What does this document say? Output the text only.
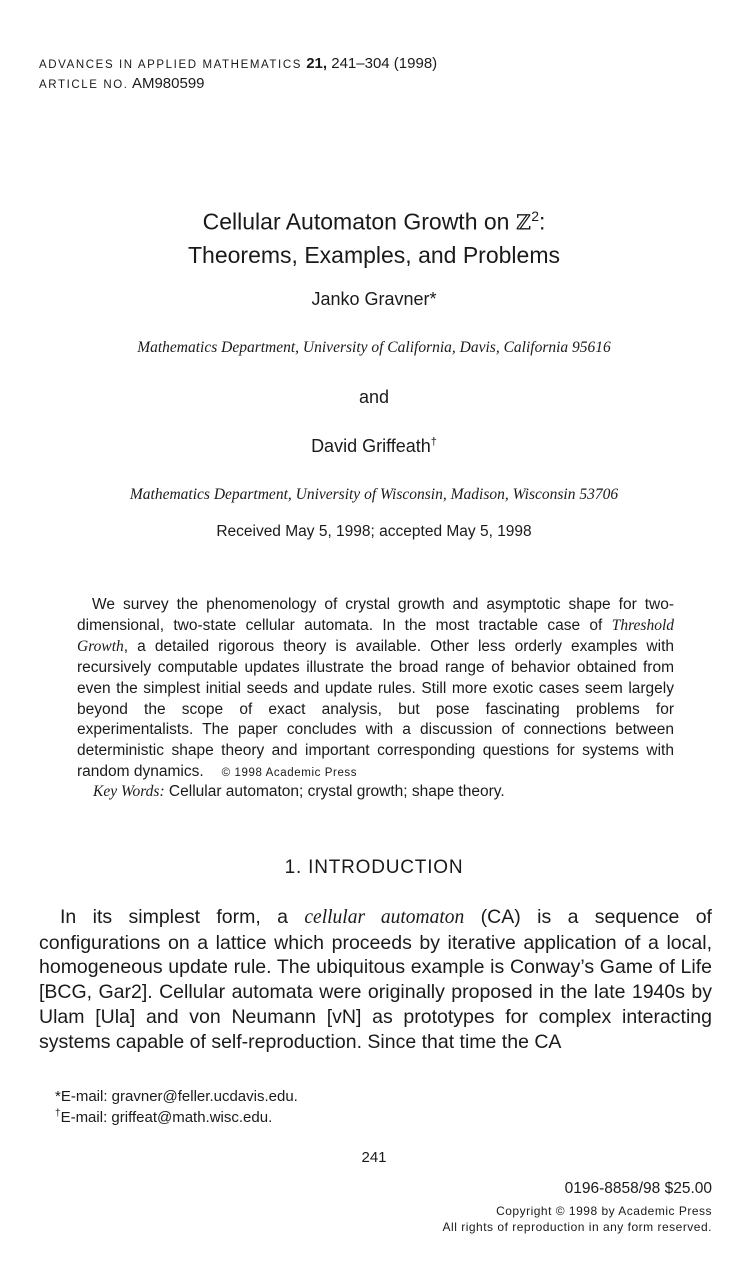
ADVANCES IN APPLIED MATHEMATICS 21, 241–304 (1998)
ARTICLE NO. AM980599
Cellular Automaton Growth on ℤ$^2$:
Theorems, Examples, and Problems
Janko Gravner*
Mathematics Department, University of California, Davis, California 95616
and
David Griffeath†
Mathematics Department, University of Wisconsin, Madison, Wisconsin 53706
Received May 5, 1998; accepted May 5, 1998
We survey the phenomenology of crystal growth and asymptotic shape for two-dimensional, two-state cellular automata. In the most tractable case of Threshold Growth, a detailed rigorous theory is available. Other less orderly examples with recursively computable updates illustrate the broad range of behavior obtained from even the simplest initial seeds and update rules. Still more exotic cases seem largely beyond the scope of exact analysis, but pose fascinating problems for experimentalists. The paper concludes with a discussion of connections between deterministic shape theory and important corresponding questions for systems with random dynamics. © 1998 Academic Press
Key Words: Cellular automaton; crystal growth; shape theory.
1. INTRODUCTION
In its simplest form, a cellular automaton (CA) is a sequence of configurations on a lattice which proceeds by iterative application of a local, homogeneous update rule. The ubiquitous example is Conway’s Game of Life [BCG, Gar2]. Cellular automata were originally proposed in the late 1940s by Ulam [Ula] and von Neumann [vN] as prototypes for complex interacting systems capable of self-reproduction. Since that time the CA
*E-mail: gravner@feller.ucdavis.edu.
†E-mail: griffeat@math.wisc.edu.
241
0196-8858/98 $25.00
Copyright © 1998 by Academic Press
All rights of reproduction in any form reserved.
